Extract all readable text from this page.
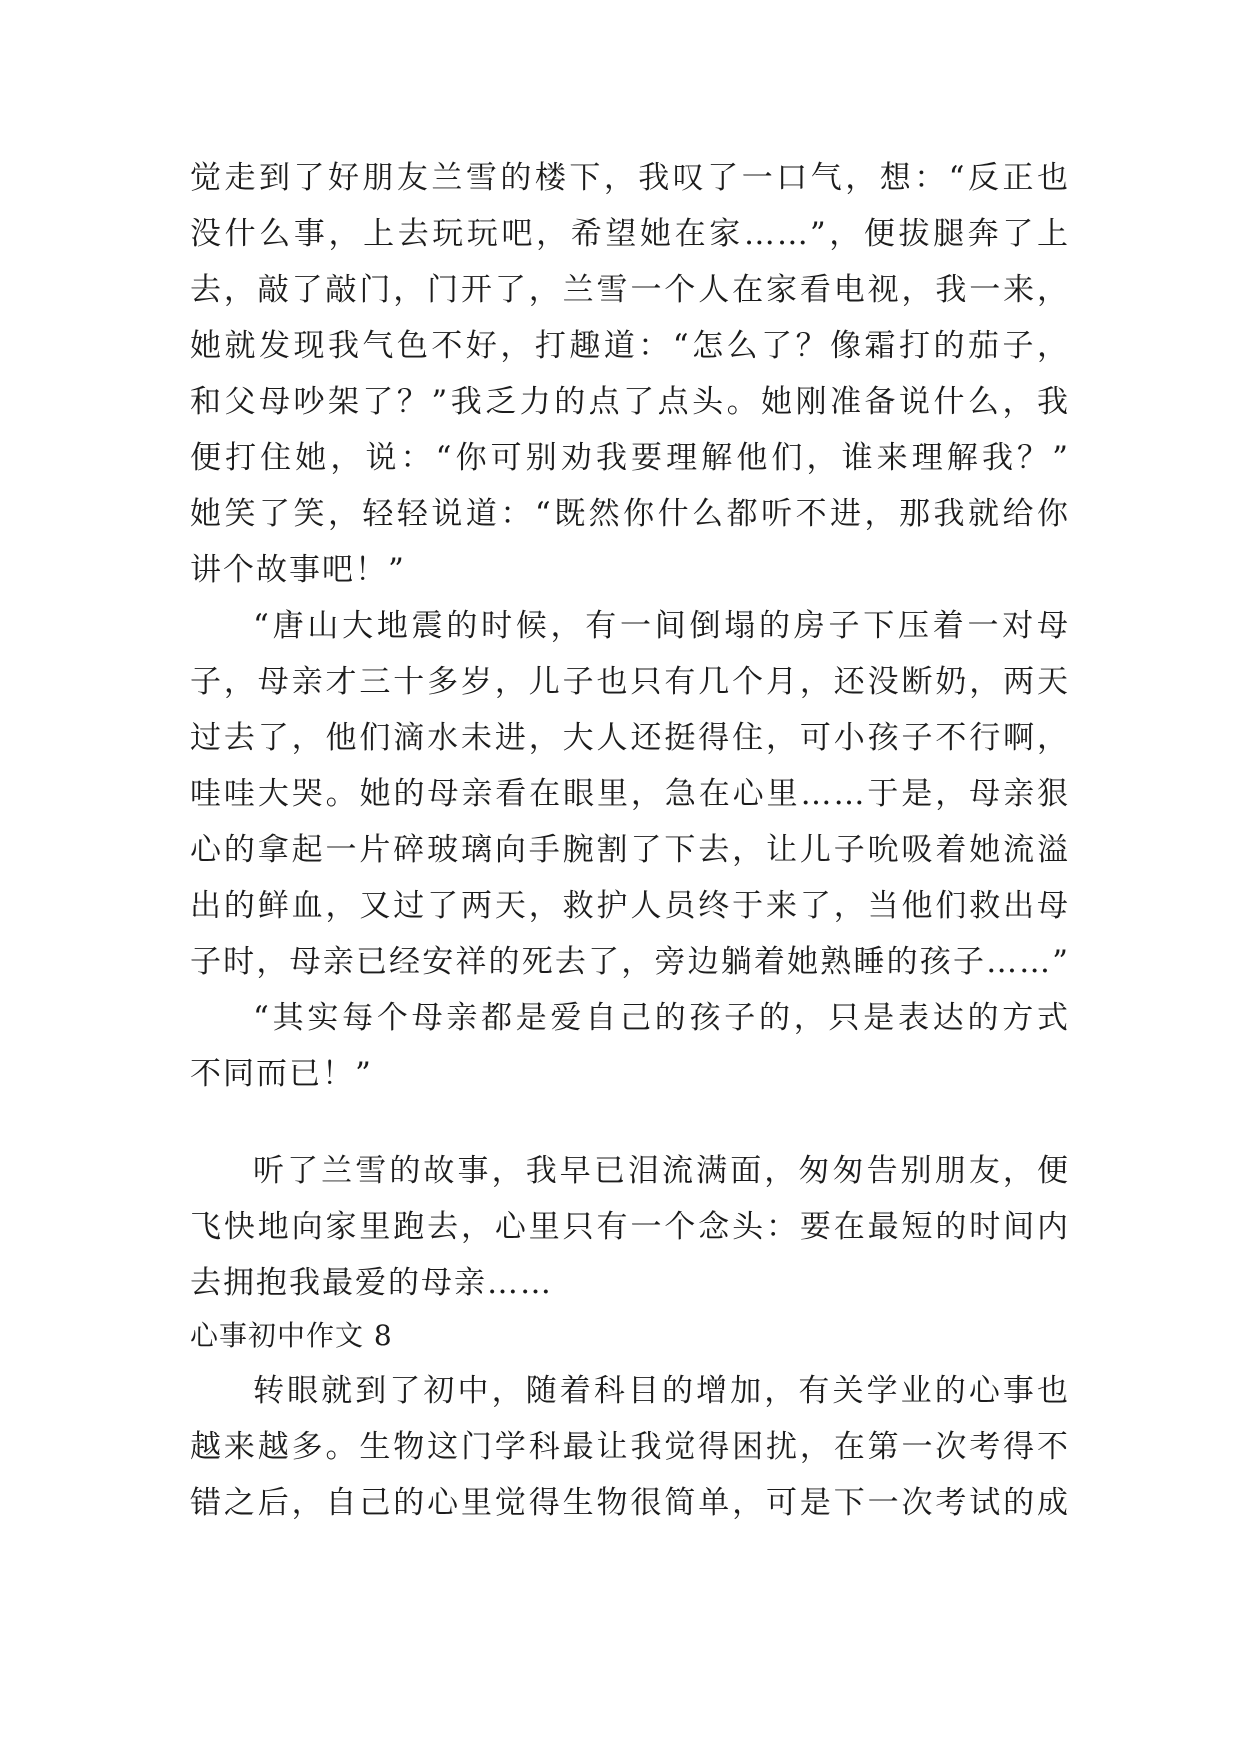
觉走到了好朋友兰雪的楼下，我叹了一口气，想：“反正也
没什么事，上去玩玩吧，希望她在家……”，便拔腿奔了上
去，敲了敲门，门开了，兰雪一个人在家看电视，我一来，
她就发现我气色不好，打趣道：“怎么了？像霜打的茄子，
和父母吵架了？”我乏力的点了点头。她刚准备说什么，我
便打住她，说：“你可别劝我要理解他们，谁来理解我？”
她笑了笑，轻轻说道：“既然你什么都听不进，那我就给你
讲个故事吧！”
“唐山大地震的时候，有一间倒塌的房子下压着一对母
子，母亲才三十多岁，儿子也只有几个月，还没断奶，两天
过去了，他们滴水未进，大人还挺得住，可小孩子不行啊，
哇哇大哭。她的母亲看在眼里，急在心里……于是，母亲狠
心的拿起一片碎玻璃向手腕割了下去，让儿子吮吸着她流溢
出的鲜血，又过了两天，救护人员终于来了，当他们救出母
子时，母亲已经安祥的死去了，旁边躺着她熟睡的孩子……”
“其实每个母亲都是爱自己的孩子的，只是表达的方式
不同而已！”
听了兰雪的故事，我早已泪流满面，匆匆告别朋友，便
飞快地向家里跑去，心里只有一个念头：要在最短的时间内
去拥抱我最爱的母亲……
心事初中作文 8
转眼就到了初中，随着科目的增加，有关学业的心事也
越来越多。生物这门学科最让我觉得困扰，在第一次考得不
错之后，自己的心里觉得生物很简单，可是下一次考试的成
